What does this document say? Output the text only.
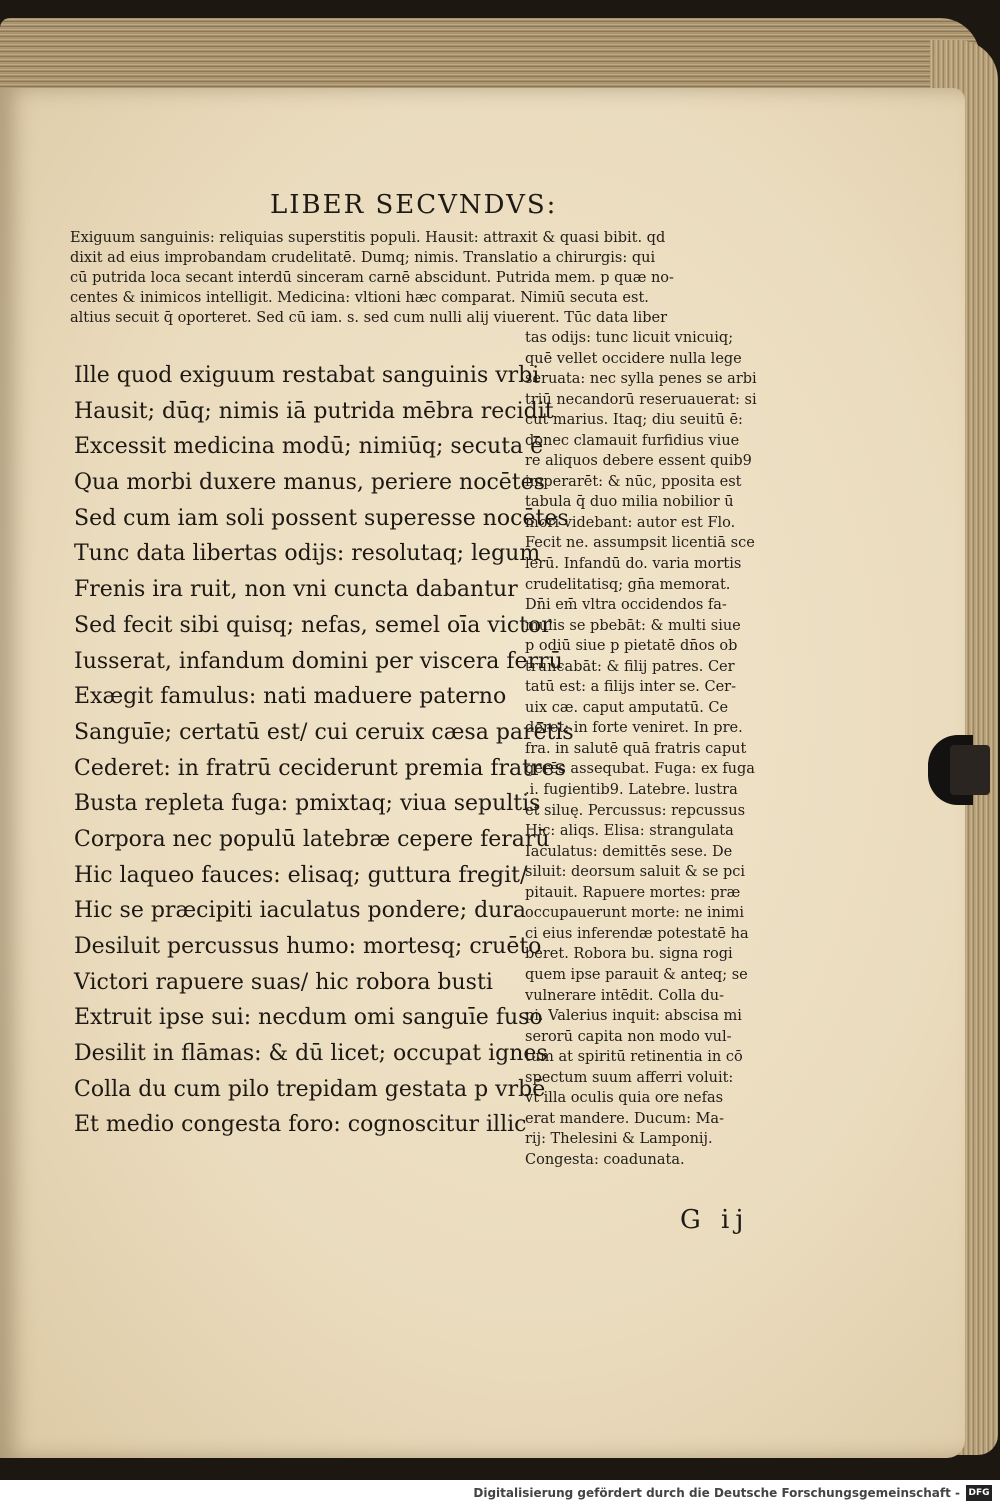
LIBER SECVNDVS:
Exiguum sanguinis: reliquias superstitis populi. Hausit: attraxit & quasi bibit. qd
dixit ad eius improbandam crudelitatē. Dumq; nimis. Translatio a chirurgis: qui
cū putrida loca secant interdū sinceram carnē abscidunt. Putrida mem. p quæ no-
centes & inimicos intelligit. Medicina: vltioni hæc comparat. Nimiū secuta est.
altius secuit q̄ oporteret. Sed cū iam. s. sed cum nulli alij viuerent. Tūc data liber
Ille quod exiguum restabat sanguinis vrbi
Hausit; dūq; nimis iā putrida mēbra recidit
Excessit medicina modū; nimiūq; secuta ē
Qua morbi duxere manus, periere nocētes
Sed cum iam soli possent superesse nocētes
Tunc data libertas odijs: resolutaq; legum
Frenis ira ruit, non vni cuncta dabantur
Sed fecit sibi quisq; nefas, semel oīa victor
Iusserat, infandum domini per viscera ferrū
Exægit famulus: nati maduere paterno
Sanguīe; certatū est/ cui ceruix cæsa parētis
Cederet: in fratrū ceciderunt premia fratres
Busta repleta fuga: pmixtaq; viua sepultis
Corpora nec populū latebræ cepere ferarū
Hic laqueo fauces: elisaq; guttura fregit/
Hic se præcipiti iaculatus pondere; dura
Desiluit percussus humo: mortesq; cruēto
Victori rapuere suas/ hic robora busti
Extruit ipse sui: necdum omi sanguīe fuso
Desilit in flāmas: & dū licet; occupat ignes
Colla du cum pilo trepidam gestata p vrbē
Et medio congesta foro: cognoscitur illic
tas odijs: tunc licuit vnicuiq;
quē vellet occidere nulla lege
seruata: nec sylla penes se arbi
triū necandorū reseruauerat: si
cut marius. Itaq; diu seuitū ē:
donec clamauit furfidius viue
re aliquos debere essent quib9
imperarēt: & nūc, pposita est
tabula q̄ duo milia nobilior ū
mori videbant: autor est Flo.
Fecit ne. assumpsit licentiā sce
lerū. Infandū do. varia mortis
crudelitatisq; gn̄a memorat.
Dn̄i em̄ vltra occidendos fa-
mulis se pbebāt: & multi siue
p odiū siue p pietatē dn̄os ob
truncabāt: & filij patres. Cer
tatū est: a filijs inter se. Cer-
uix cæ. caput amputatū. Ce
deret: in forte veniret. In pre.
fra. in salutē quā fratris caput
gerēs assequbat. Fuga: ex fuga
.i. fugientib9. Latebre. lustra
et siluę. Percussus: repcussus
Hic: aliqs. Elisa: strangulata
Iaculatus: demittēs sese. De
siluit: deorsum saluit & se pci
pitauit. Rapuere mortes: præ
occupauerunt morte: ne inimi
ci eius inferendæ potestatē ha
beret. Robora bu. signa rogi
quem ipse parauit & anteq; se
vulnerare intēdit. Colla du-
pi. Valerius inquit: abscisa mi
serorū capita non modo vul-
tum at spiritū retinentia in cō
spectum suum afferri voluit:
vt illa oculis quia ore nefas
erat mandere. Ducum: Ma-
rij: Thelesini & Lamponij.
Congesta: coadunata.
G ij
Digitalisierung gefördert durch die Deutsche Forschungsgemeinschaft - DFG
